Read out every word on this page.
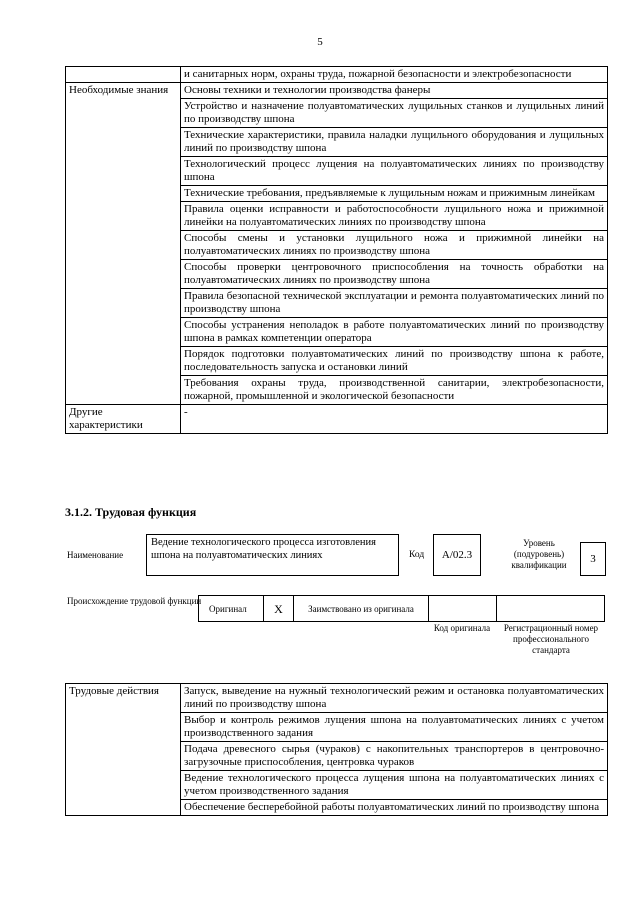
5
	и санитарных норм, охраны труда, пожарной безопасности и электробезопасности
Необходимые знания	Основы техники и технологии производства фанеры
	Устройство и назначение полуавтоматических лущильных станков и лущильных линий по производству шпона
	Технические характеристики, правила наладки лущильного оборудования и лущильных линий по производству шпона
	Технологический процесс лущения на полуавтоматических линиях по производству шпона
	Технические требования, предъявляемые к лущильным ножам и прижимным линейкам
	Правила оценки исправности и работоспособности лущильного ножа и прижимной линейки на полуавтоматических линиях по производству шпона
	Способы смены и установки лущильного ножа и прижимной линейки на полуавтоматических линиях по производству шпона
	Способы проверки центровочного приспособления на точность обработки на полуавтоматических линиях по производству шпона
	Правила безопасной технической эксплуатации и ремонта полуавтоматических линий по производству шпона
	Способы устранения неполадок в работе полуавтоматических линий по производству шпона в рамках компетенции оператора
	Порядок подготовки полуавтоматических линий по производству шпона к работе, последовательность запуска и остановки линий
	Требования охраны труда, производственной санитарии, электробезопасности, пожарной, промышленной и экологической безопасности
Другие характеристики	-
3.1.2. Трудовая функция
Наименование
Ведение технологического процесса изготовления шпона на полуавтоматических линиях	Код	A/02.3
Уровень (подуровень) квалификации	3
Происхождение трудовой функции
Оригинал	X	Заимствовано из оригинала
Код оригинала	Регистрационный номер профессионального стандарта
Трудовые действия	Запуск, выведение на нужный технологический режим и остановка полуавтоматических линий по производству шпона
Выбор и контроль режимов лущения шпона на полуавтоматических линиях с учетом производственного задания
Подача древесного сырья (чураков) с накопительных транспортеров в центровочно-загрузочные приспособления, центровка чураков
Ведение технологического процесса лущения шпона на полуавтоматических линиях с учетом производственного задания
Обеспечение бесперебойной работы полуавтоматических линий по производству шпона
